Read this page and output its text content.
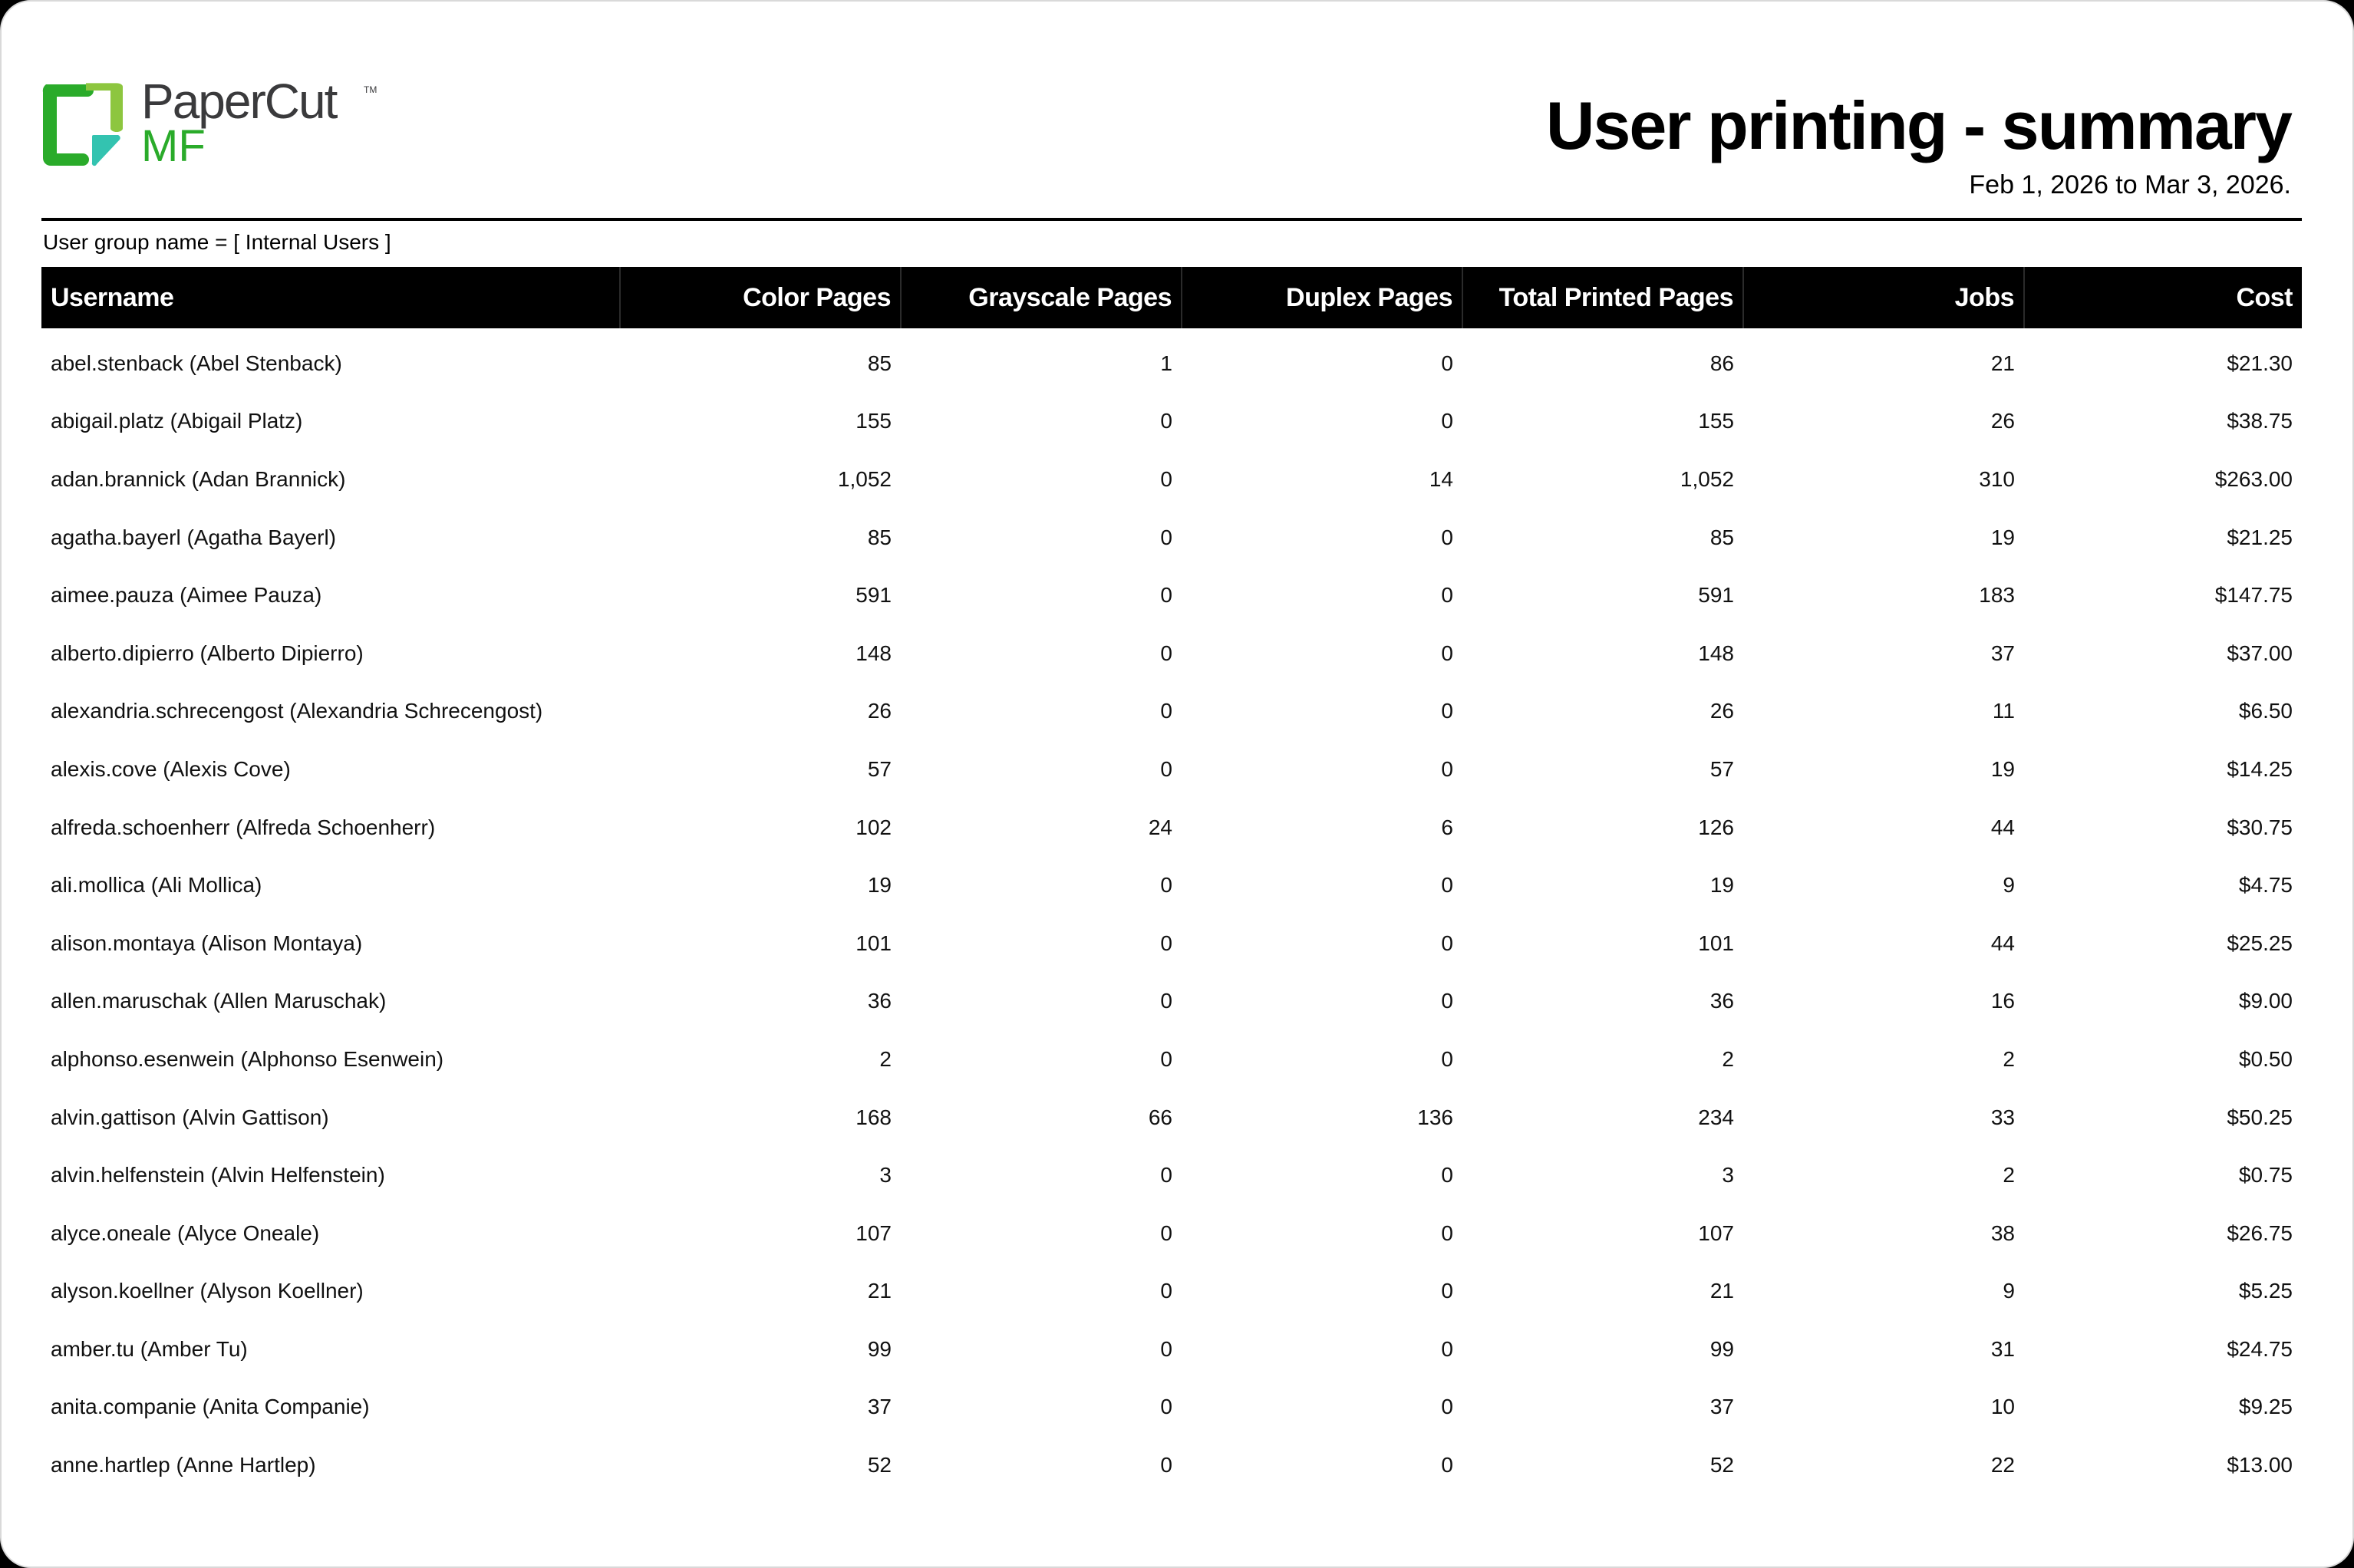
PaperCut	TM
MF	User printing - summary
Feb 1, 2026 to Mar 3, 2026.
User group name = [ Internal Users ]
Username	Color Pages	Grayscale Pages	Duplex Pages	Total Printed Pages	Jobs	Cost
abel.stenback (Abel Stenback)	85	1	0	86	21	$21.30
abigail.platz (Abigail Platz)	155	0	0	155	26	$38.75
adan.brannick (Adan Brannick)	1,052	0	14	1,052	310	$263.00
agatha.bayerl (Agatha Bayerl)	85	0	0	85	19	$21.25
aimee.pauza (Aimee Pauza)	591	0	0	591	183	$147.75
alberto.dipierro (Alberto Dipierro)	148	0	0	148	37	$37.00
alexandria.schrecengost (Alexandria Schrecengost)	26	0	0	26	11	$6.50
alexis.cove (Alexis Cove)	57	0	0	57	19	$14.25
alfreda.schoenherr (Alfreda Schoenherr)	102	24	6	126	44	$30.75
ali.mollica (Ali Mollica)	19	0	0	19	9	$4.75
alison.montaya (Alison Montaya)	101	0	0	101	44	$25.25
allen.maruschak (Allen Maruschak)	36	0	0	36	16	$9.00
alphonso.esenwein (Alphonso Esenwein)	2	0	0	2	2	$0.50
alvin.gattison (Alvin Gattison)	168	66	136	234	33	$50.25
alvin.helfenstein (Alvin Helfenstein)	3	0	0	3	2	$0.75
alyce.oneale (Alyce Oneale)	107	0	0	107	38	$26.75
alyson.koellner (Alyson Koellner)	21	0	0	21	9	$5.25
amber.tu (Amber Tu)	99	0	0	99	31	$24.75
anita.companie (Anita Companie)	37	0	0	37	10	$9.25
anne.hartlep (Anne Hartlep)	52	0	0	52	22	$13.00
